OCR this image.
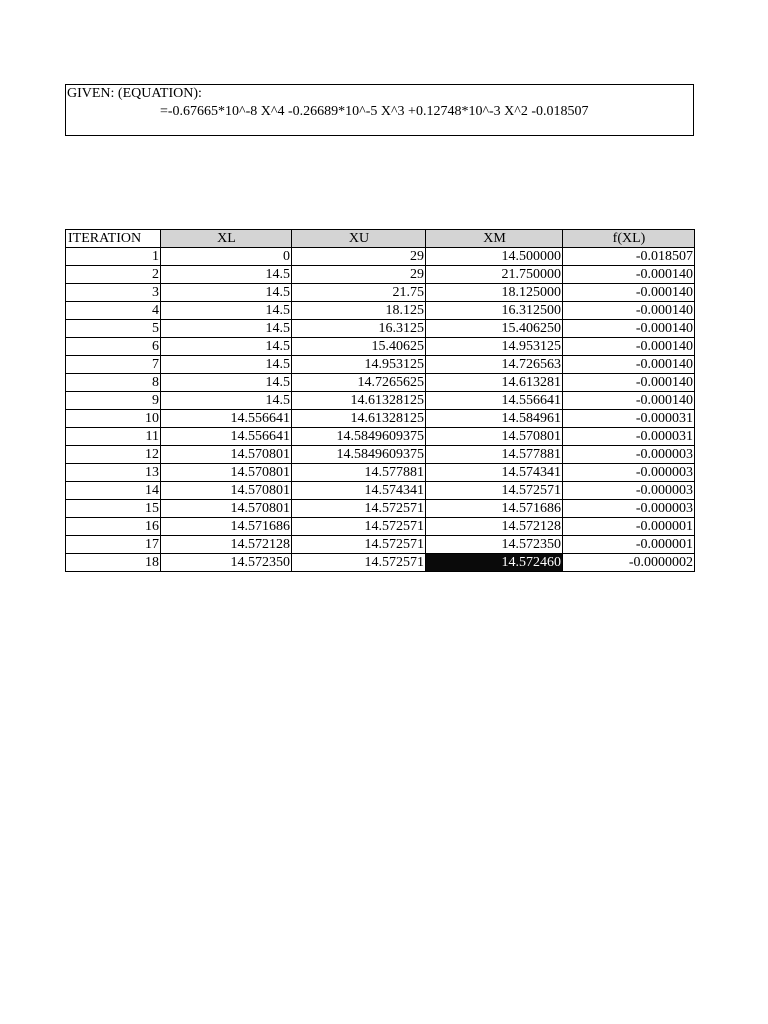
GIVEN: (EQUATION):
=-0.67665*10^-8 X^4 -0.26689*10^-5 X^3 +0.12748*10^-3 X^2 -0.018507
ITERATION	XL	XU	XM	f(XL)
1	0	29	14.500000	-0.018507
2	14.5	29	21.750000	-0.000140
3	14.5	21.75	18.125000	-0.000140
4	14.5	18.125	16.312500	-0.000140
5	14.5	16.3125	15.406250	-0.000140
6	14.5	15.40625	14.953125	-0.000140
7	14.5	14.953125	14.726563	-0.000140
8	14.5	14.7265625	14.613281	-0.000140
9	14.5	14.61328125	14.556641	-0.000140
10	14.556641	14.61328125	14.584961	-0.000031
11	14.556641	14.5849609375	14.570801	-0.000031
12	14.570801	14.5849609375	14.577881	-0.000003
13	14.570801	14.577881	14.574341	-0.000003
14	14.570801	14.574341	14.572571	-0.000003
15	14.570801	14.572571	14.571686	-0.000003
16	14.571686	14.572571	14.572128	-0.000001
17	14.572128	14.572571	14.572350	-0.000001
18	14.572350	14.572571	14.572460	-0.0000002
